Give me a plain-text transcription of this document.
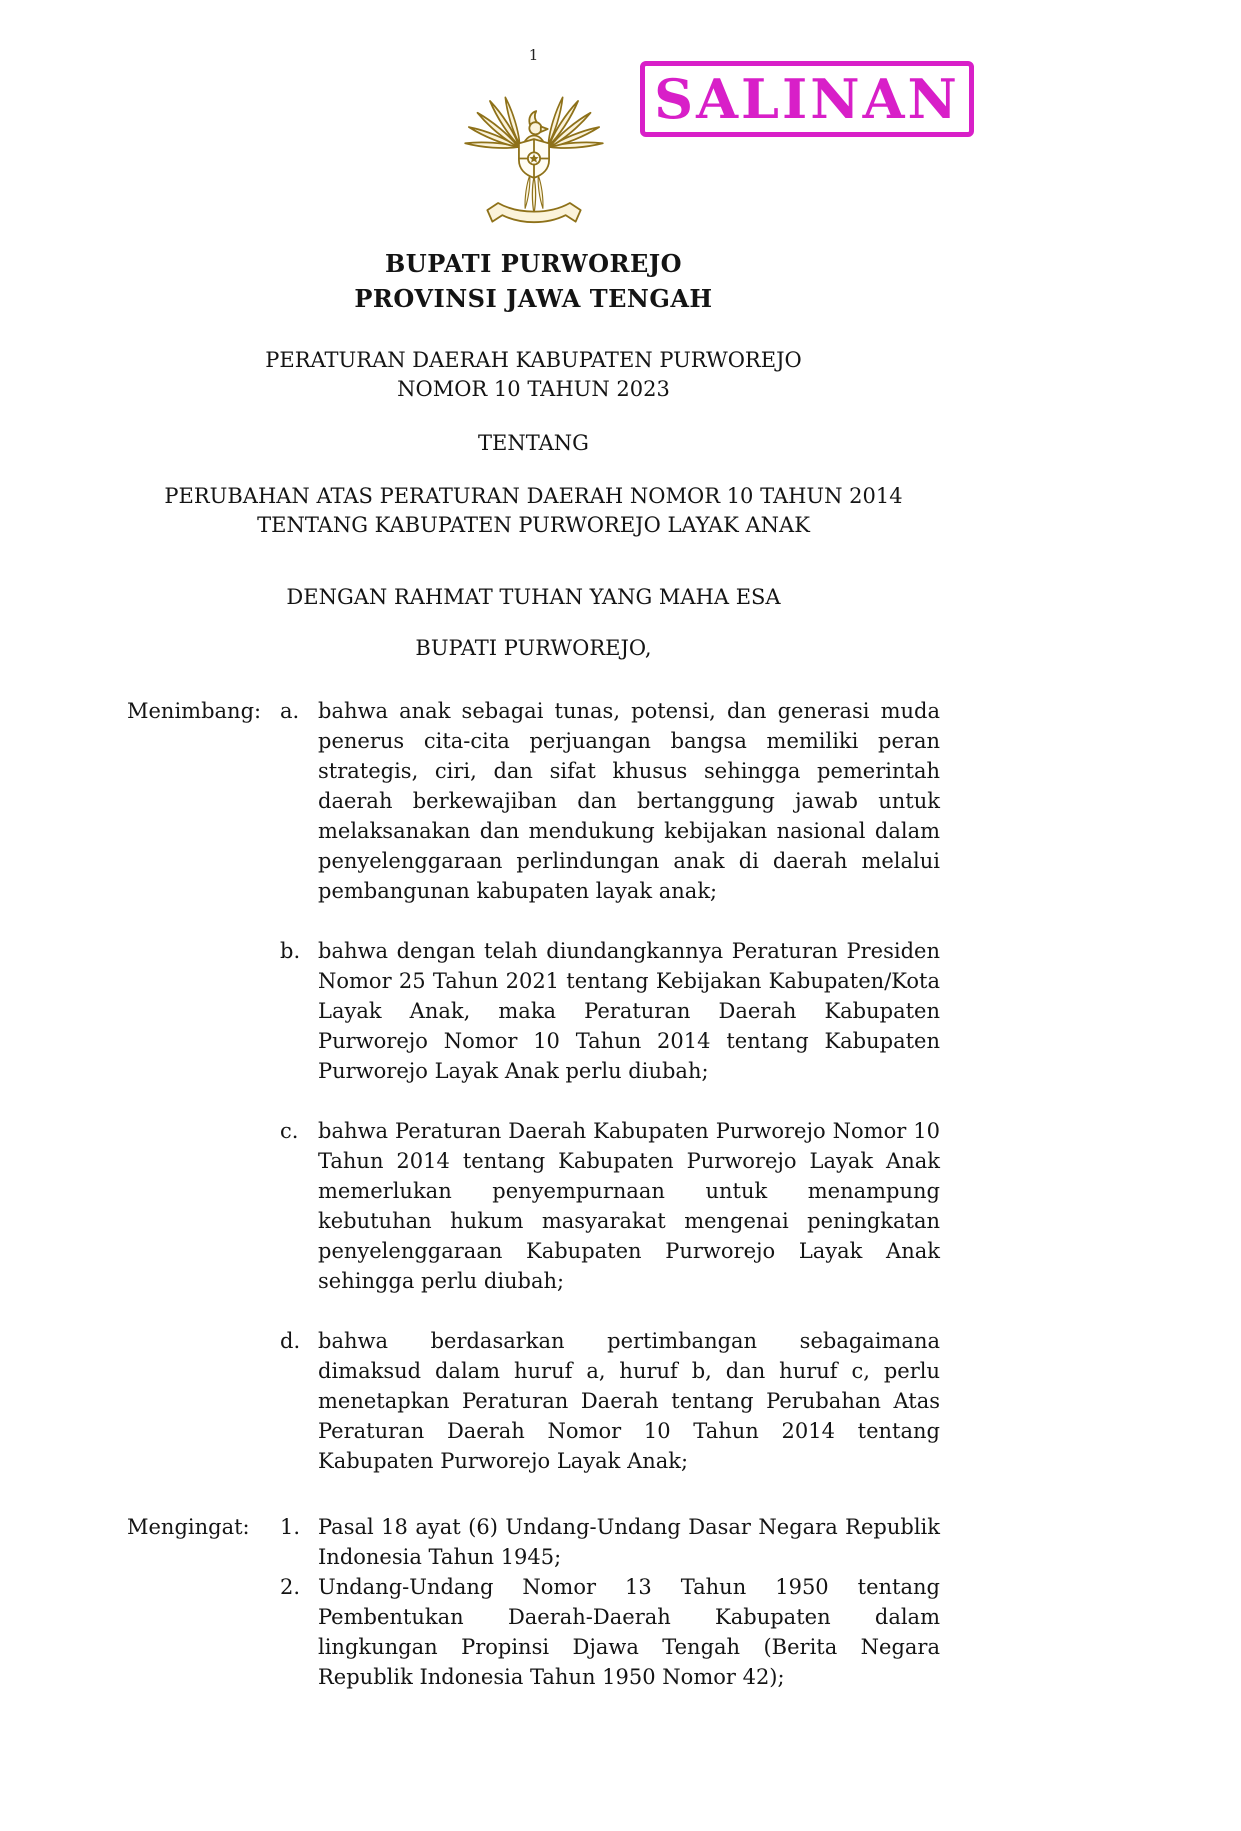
SALINAN
1
BUPATI PURWOREJO
PROVINSI JAWA TENGAH
PERATURAN DAERAH KABUPATEN PURWOREJO
NOMOR 10 TAHUN 2023
TENTANG
PERUBAHAN ATAS PERATURAN DAERAH NOMOR 10 TAHUN 2014
TENTANG KABUPATEN PURWOREJO LAYAK ANAK
DENGAN RAHMAT TUHAN YANG MAHA ESA
BUPATI PURWOREJO,
Menimbang: a. bahwa anak sebagai tunas, potensi, dan generasi muda penerus cita-cita perjuangan bangsa memiliki peran strategis, ciri, dan sifat khusus sehingga pemerintah daerah berkewajiban dan bertanggung jawab untuk melaksanakan dan mendukung kebijakan nasional dalam penyelenggaraan perlindungan anak di daerah melalui pembangunan kabupaten layak anak;
b. bahwa dengan telah diundangkannya Peraturan Presiden Nomor 25 Tahun 2021 tentang Kebijakan Kabupaten/Kota Layak Anak, maka Peraturan Daerah Kabupaten Purworejo Nomor 10 Tahun 2014 tentang Kabupaten Purworejo Layak Anak perlu diubah;
c. bahwa Peraturan Daerah Kabupaten Purworejo Nomor 10 Tahun 2014 tentang Kabupaten Purworejo Layak Anak memerlukan penyempurnaan untuk menampung kebutuhan hukum masyarakat mengenai peningkatan penyelenggaraan Kabupaten Purworejo Layak Anak sehingga perlu diubah;
d. bahwa berdasarkan pertimbangan sebagaimana dimaksud dalam huruf a, huruf b, dan huruf c, perlu menetapkan Peraturan Daerah tentang Perubahan Atas Peraturan Daerah Nomor 10 Tahun 2014 tentang Kabupaten Purworejo Layak Anak;
Mengingat:	1. Pasal 18 ayat (6) Undang-Undang Dasar Negara Republik Indonesia Tahun 1945;
2. Undang-Undang Nomor 13 Tahun 1950 tentang Pembentukan Daerah-Daerah Kabupaten dalam lingkungan Propinsi Djawa Tengah (Berita Negara Republik Indonesia Tahun 1950 Nomor 42);
